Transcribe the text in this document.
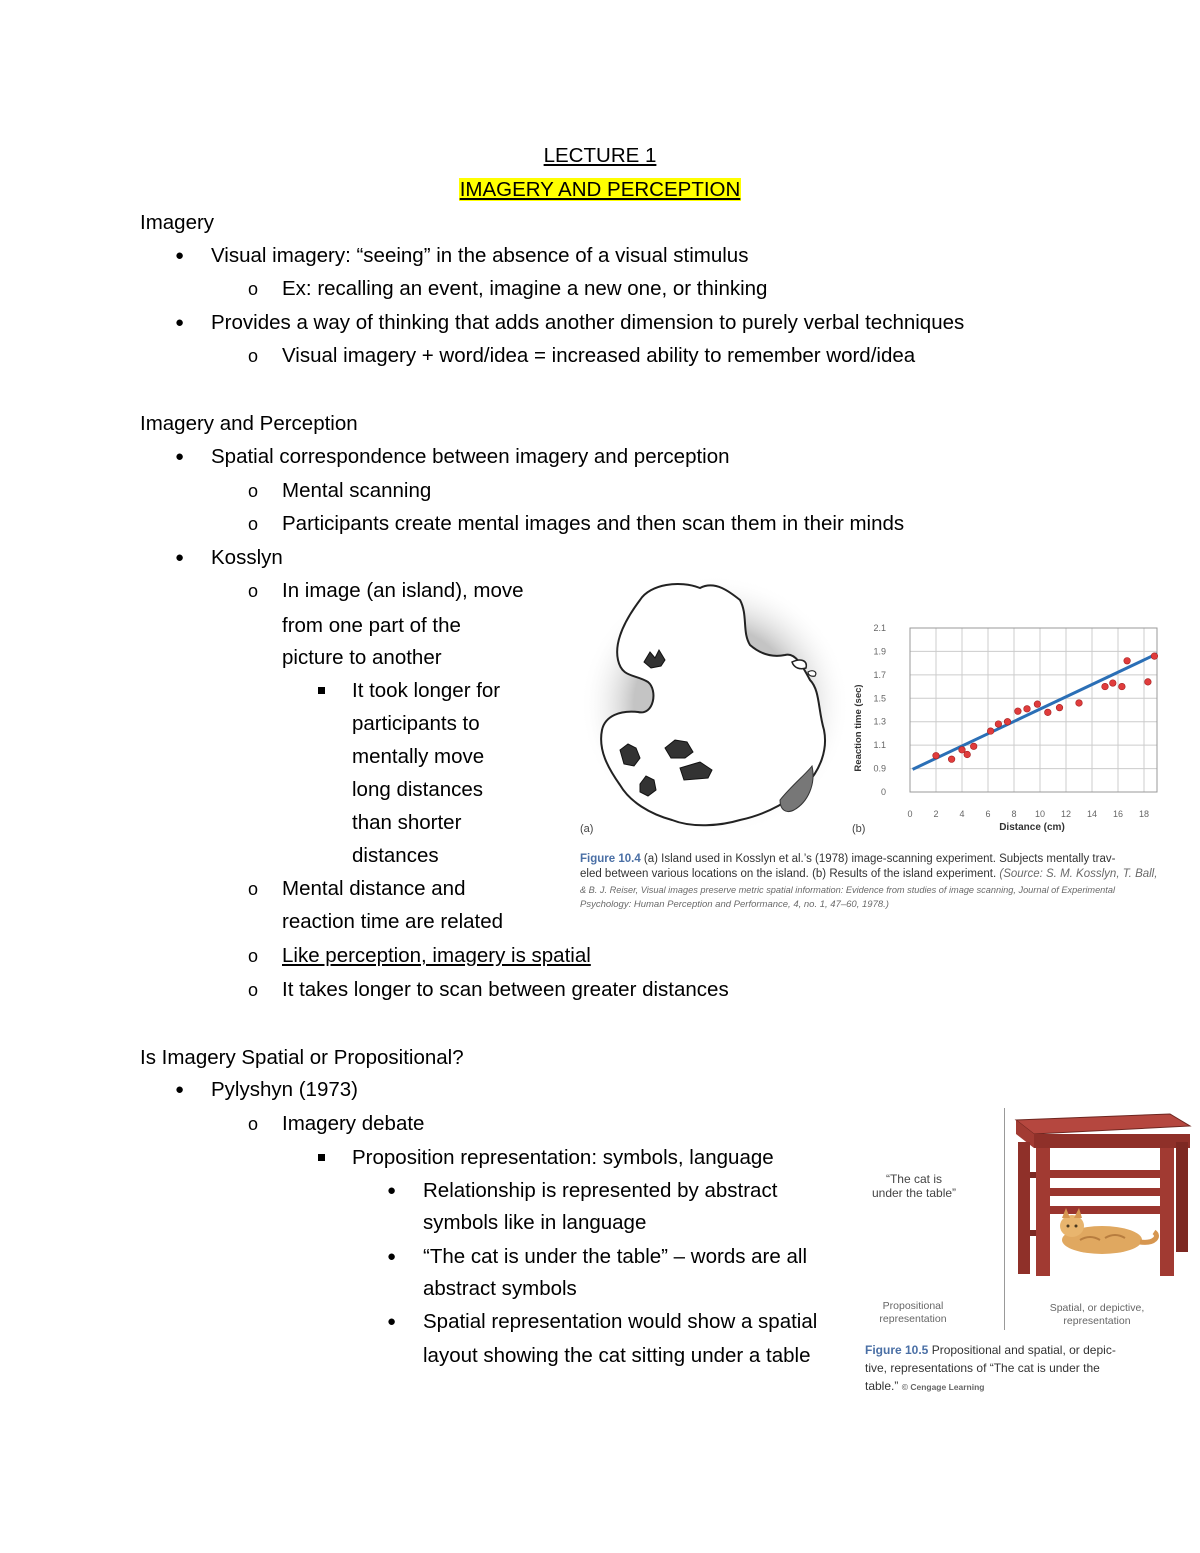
LECTURE 1
IMAGERY AND PERCEPTION
Imagery
● Visual imagery: “seeing” in the absence of a visual stimulus
o Ex: recalling an event, imagine a new one, or thinking
● Provides a way of thinking that adds another dimension to purely verbal techniques
o Visual imagery + word/idea = increased ability to remember word/idea
Imagery and Perception
● Spatial correspondence between imagery and perception
o Mental scanning
o Participants create mental images and then scan them in their minds
● Kosslyn
o In image (an island), move
from one part of the
picture to another
It took longer for
participants to
mentally move
long distances
than shorter
distances
o Mental distance and
reaction time are related
o Like perception, imagery is spatial
o It takes longer to scan between greater distances
Is Imagery Spatial or Propositional?
● Pylyshyn (1973)
o Imagery debate
Proposition representation: symbols, language
● Relationship is represented by abstract
symbols like in language
● “The cat is under the table” – words are all
abstract symbols
● Spatial representation would show a spatial
layout showing the cat sitting under a table
(a)	(b)
0 2 4 6 8 10 12 14 16 18
0
0.9
1.1
1.3
1.5
1.7
1.9
2.1
Distance (cm)
Reaction time (sec)
Figure 10.4 (a) Island used in Kosslyn et al.’s (1978) image-scanning experiment. Subjects mentally trav-
eled between various locations on the island. (b) Results of the island experiment. (Source: S. M. Kosslyn, T. Ball,
& B. J. Reiser, Visual images preserve metric spatial information: Evidence from studies of image scanning, Journal of Experimental
Psychology: Human Perception and Performance, 4, no. 1, 47–60, 1978.)
“The cat is
under the table”
Propositional
representation
Spatial, or depictive,
representation
Figure 10.5 Propositional and spatial, or depic-
tive, representations of “The cat is under the
table.” © Cengage Learning
